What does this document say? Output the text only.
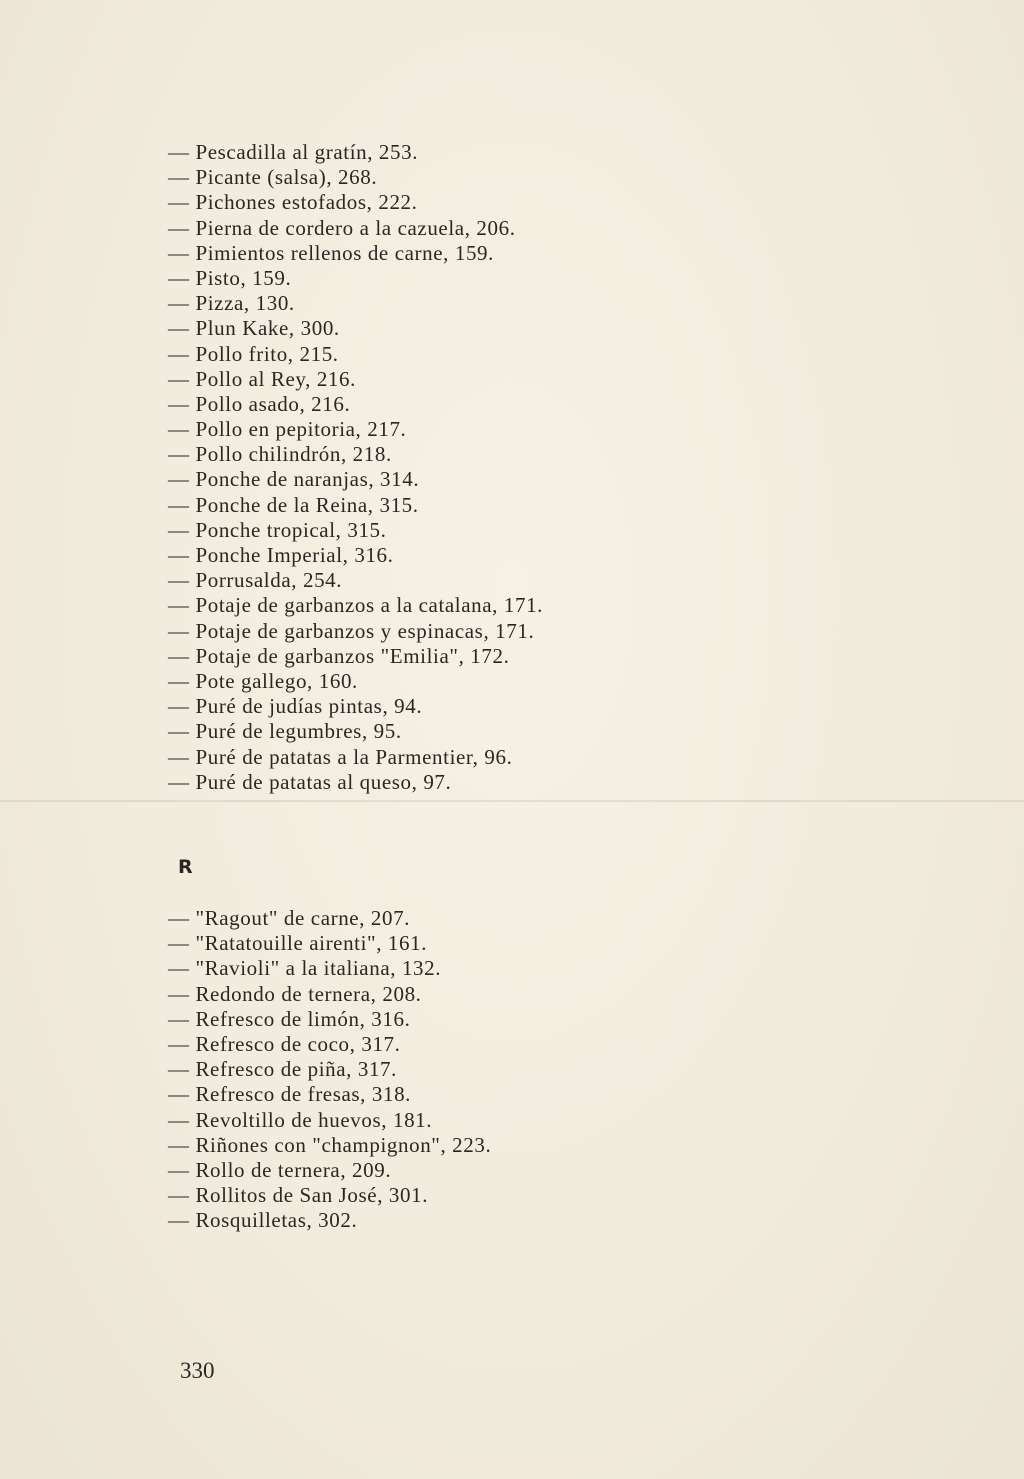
— Pescadilla al gratín, 253.
— Picante (salsa), 268.
— Pichones estofados, 222.
— Pierna de cordero a la cazuela, 206.
— Pimientos rellenos de carne, 159.
— Pisto, 159.
— Pizza, 130.
— Plun Kake, 300.
— Pollo frito, 215.
— Pollo al Rey, 216.
— Pollo asado, 216.
— Pollo en pepitoria, 217.
— Pollo chilindrón, 218.
— Ponche de naranjas, 314.
— Ponche de la Reina, 315.
— Ponche tropical, 315.
— Ponche Imperial, 316.
— Porrusalda, 254.
— Potaje de garbanzos a la catalana, 171.
— Potaje de garbanzos y espinacas, 171.
— Potaje de garbanzos "Emilia", 172.
— Pote gallego, 160.
— Puré de judías pintas, 94.
— Puré de legumbres, 95.
— Puré de patatas a la Parmentier, 96.
— Puré de patatas al queso, 97.
R
— "Ragout" de carne, 207.
— "Ratatouille airenti", 161.
— "Ravioli" a la italiana, 132.
— Redondo de ternera, 208.
— Refresco de limón, 316.
— Refresco de coco, 317.
— Refresco de piña, 317.
— Refresco de fresas, 318.
— Revoltillo de huevos, 181.
— Riñones con "champignon", 223.
— Rollo de ternera, 209.
— Rollitos de San José, 301.
— Rosquilletas, 302.
330
